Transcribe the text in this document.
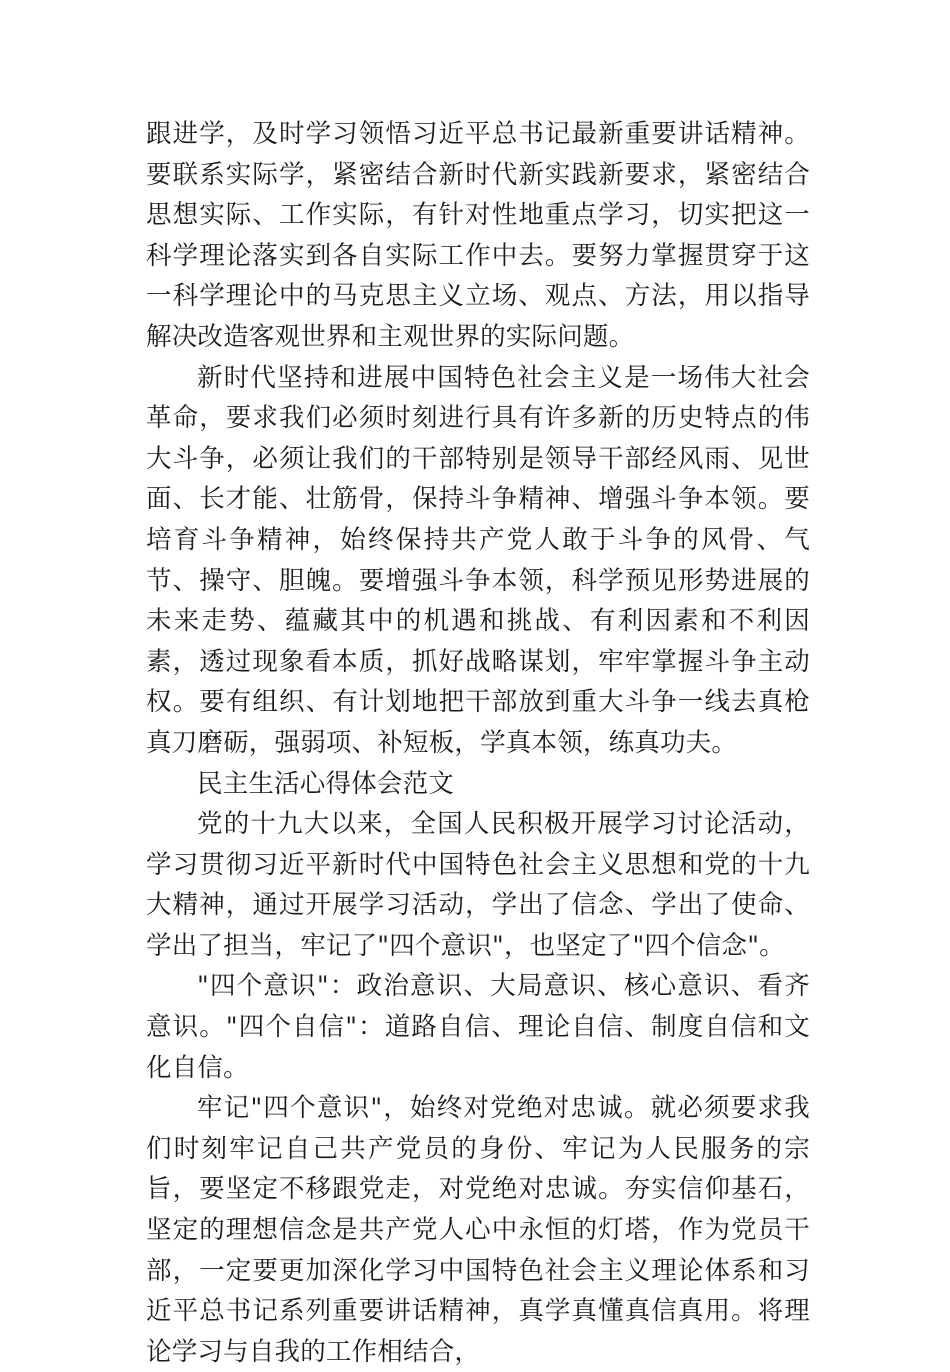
跟进学，及时学习领悟习近平总书记最新重要讲话精神。要联系实际学，紧密结合新时代新实践新要求，紧密结合思想实际、工作实际，有针对性地重点学习，切实把这一科学理论落实到各自实际工作中去。要努力掌握贯穿于这一科学理论中的马克思主义立场、观点、方法，用以指导解决改造客观世界和主观世界的实际问题。

新时代坚持和进展中国特色社会主义是一场伟大社会革命，要求我们必须时刻进行具有许多新的历史特点的伟大斗争，必须让我们的干部特别是领导干部经风雨、见世面、长才能、壮筋骨，保持斗争精神、增强斗争本领。要培育斗争精神，始终保持共产党人敢于斗争的风骨、气节、操守、胆魄。要增强斗争本领，科学预见形势进展的未来走势、蕴藏其中的机遇和挑战、有利因素和不利因素，透过现象看本质，抓好战略谋划，牢牢掌握斗争主动权。要有组织、有计划地把干部放到重大斗争一线去真枪真刀磨砺，强弱项、补短板，学真本领，练真功夫。

民主生活心得体会范文

党的十九大以来，全国人民积极开展学习讨论活动，学习贯彻习近平新时代中国特色社会主义思想和党的十九大精神，通过开展学习活动，学出了信念、学出了使命、学出了担当，牢记了"四个意识"，也坚定了"四个信念"。

"四个意识"：政治意识、大局意识、核心意识、看齐意识。"四个自信"：道路自信、理论自信、制度自信和文化自信。

牢记"四个意识"，始终对党绝对忠诚。就必须要求我们时刻牢记自己共产党员的身份、牢记为人民服务的宗旨，要坚定不移跟党走，对党绝对忠诚。夯实信仰基石，坚定的理想信念是共产党人心中永恒的灯塔，作为党员干部，一定要更加深化学习中国特色社会主义理论体系和习近平总书记系列重要讲话精神，真学真懂真信真用。将理论学习与自我的工作相结合，
